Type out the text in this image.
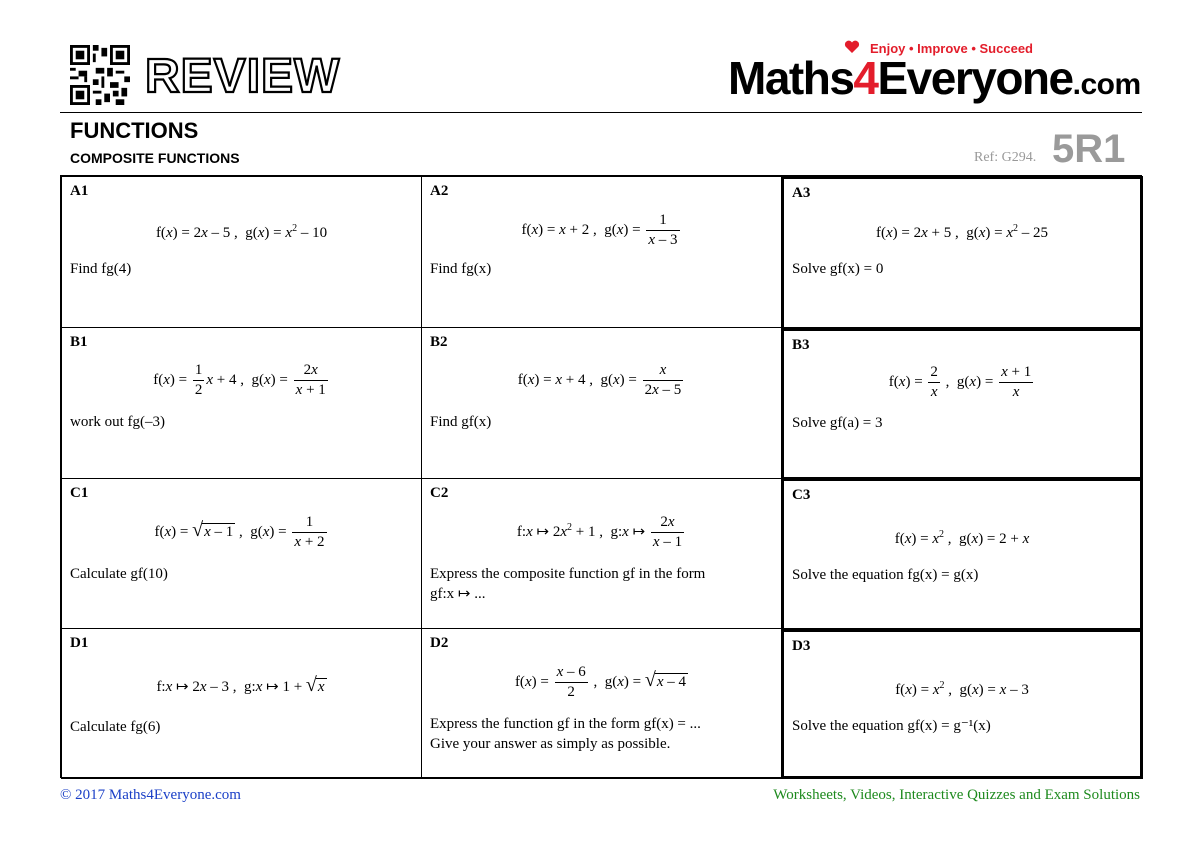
REVIEW
Enjoy • Improve • Succeed
Maths4Everyone.com
FUNCTIONS
COMPOSITE FUNCTIONS	Ref: G294. 5R1
A1
f(x) = 2x – 5 ,  $g(x) = x^2 - 10$
Find fg(4)
A2
f(x) = x + 2 ,  $g(x) = \frac{1}{x - 3}$
Find fg(x)
A3
f(x) = 2x + 5 ,  $g(x) = x^2 - 25$
Solve gf(x) = 0
B1
$f(x) = \frac{1}{2}$ x + 4 ,  $g(x) = \frac{2x}{x + 1}$
work out fg(–3)
B2
f(x) = x + 4 ,  $g(x) = \frac{x}{2x - 5}$
Find gf(x)
B3
$f(x) = \frac{2}{x}$ ,  $g(x) = \frac{x + 1}{x}$
Solve gf(a) = 3
C1
f(x) = √x – 1 ,  $g(x) = \frac{1}{x + 2}$
Calculate gf(10)
C2
f:x ↦ $2x^2 + 1$ ,  g:x ↦ $\frac{2x}{x - 1}$
Express the composite function gf in the form
gf:x ↦ ...
C3
$f(x) = x^2$ ,  g(x) = 2 + x
Solve the equation fg(x) = g(x)
D1
f:x ↦ 2x – 3 ,  g:x ↦ 1 + √x
Calculate fg(6)
D2
$f(x) = \frac{x - 6}{2}$ ,  g(x) = √x – 4
Express the function gf in the form gf(x) = ...
Give your answer as simply as possible.
D3
$f(x) = x^2$ ,  g(x) = x – 3
Solve the equation gf(x) = g⁻¹(x)
© 2017 Maths4Everyone.com	Worksheets, Videos, Interactive Quizzes and Exam Solutions
